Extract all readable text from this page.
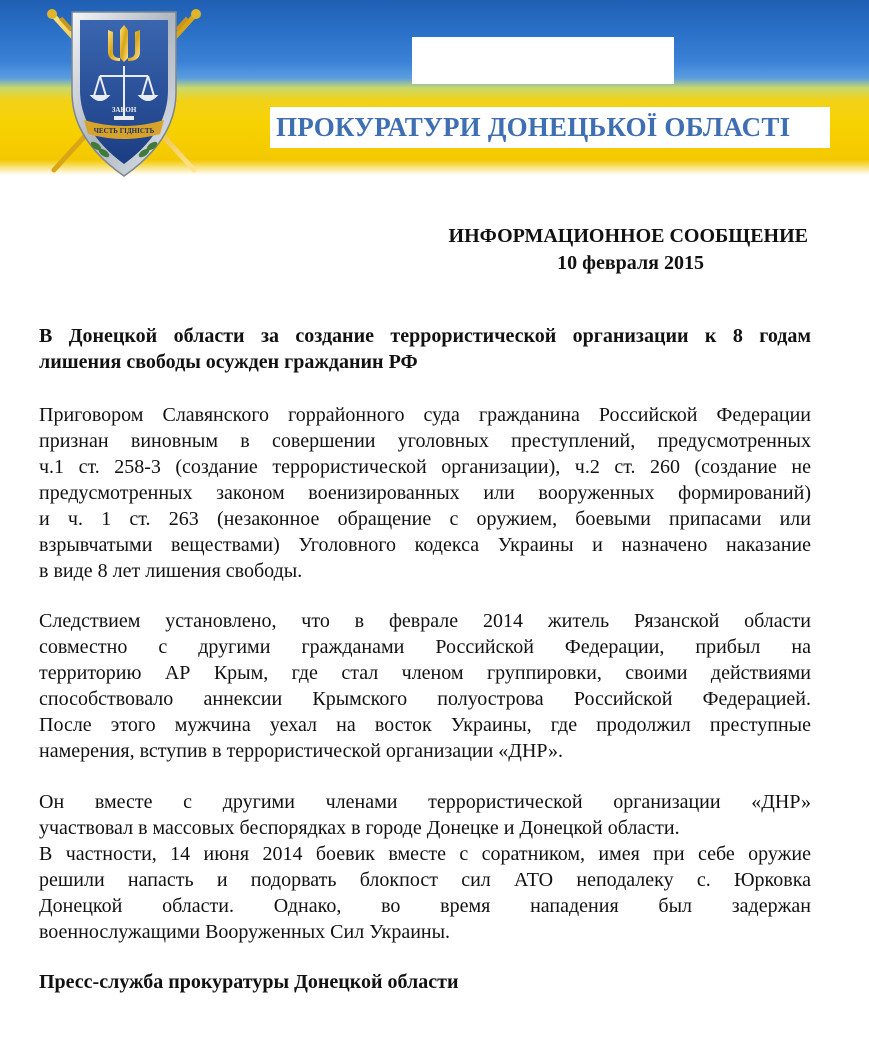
ПРОКУРАТУРИ ДОНЕЦЬКОЇ ОБЛАСТІ
ЗАКОН
ЧЕСТЬ ГІДНІСТЬ
ИНФОРМАЦИОННОЕ СООБЩЕНИЕ
10 февраля 2015
В Донецкой области за создание террористической организации к 8 годам
лишения свободы осужден гражданин РФ
Приговором Славянского горрайонного суда гражданина Российской Федерации
признан виновным в совершении уголовных преступлений, предусмотренных
ч.1 ст. 258-3 (создание террористической организации), ч.2 ст. 260 (создание не
предусмотренных законом военизированных или вооруженных формирований)
и ч. 1 ст. 263 (незаконное обращение с оружием, боевыми припасами или
взрывчатыми веществами) Уголовного кодекса Украины и назначено наказание
в виде 8 лет лишения свободы.
Следствием установлено, что в феврале 2014 житель Рязанской области
совместно с другими гражданами Российской Федерации, прибыл на
территорию АР Крым, где стал членом группировки, своими действиями
способствовало аннексии Крымского полуострова Российской Федерацией.
После этого мужчина уехал на восток Украины, где продолжил преступные
намерения, вступив в террористической организации «ДНР».
Он вместе с другими членами террористической организации «ДНР»
участвовал в массовых беспорядках в городе Донецке и Донецкой области.
В частности, 14 июня 2014 боевик вместе с соратником, имея при себе оружие
решили напасть и подорвать блокпост сил АТО неподалеку с. Юрковка
Донецкой области. Однако, во время нападения был задержан
военнослужащими Вооруженных Сил Украины.
Пресс-служба прокуратуры Донецкой области
